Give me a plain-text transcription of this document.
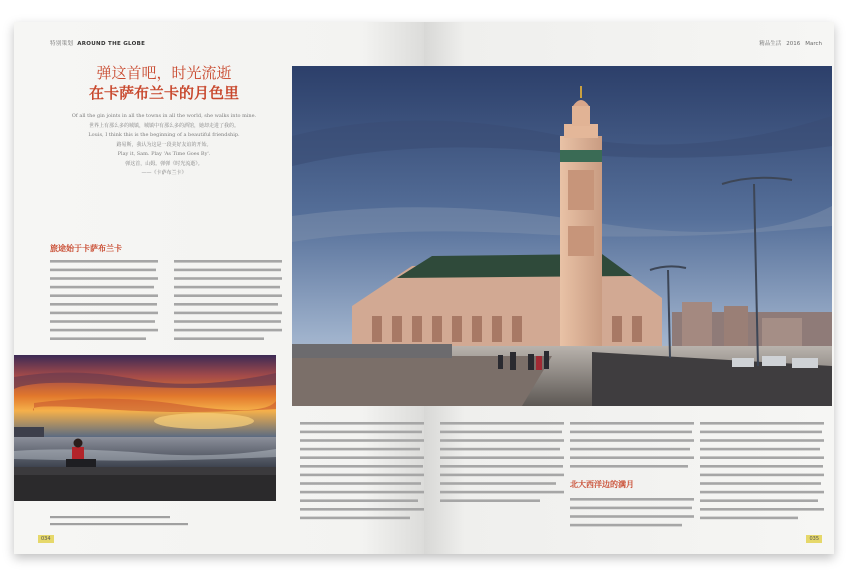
特别策划 AROUND THE GLOBE
弹这首吧，时光流逝
在卡萨布兰卡的月色里
Of all the gin joints in all the towns in all the world, she walks into mine.
世界上有那么多的城镇，城镇中有那么多的酒馆，她却走进了我的。
Louis, I think this is the beginning of a beautiful friendship.
路易斯，我认为这是一段美好友谊的开始。
Play it, Sam. Play 'As Time Goes By'.
弹这首，山姆。弹弹《时光流逝》。
——《卡萨布兰卡》
旅途始于卡萨布兰卡
034
精品生活 2016 March
035
北大西洋边的满月
